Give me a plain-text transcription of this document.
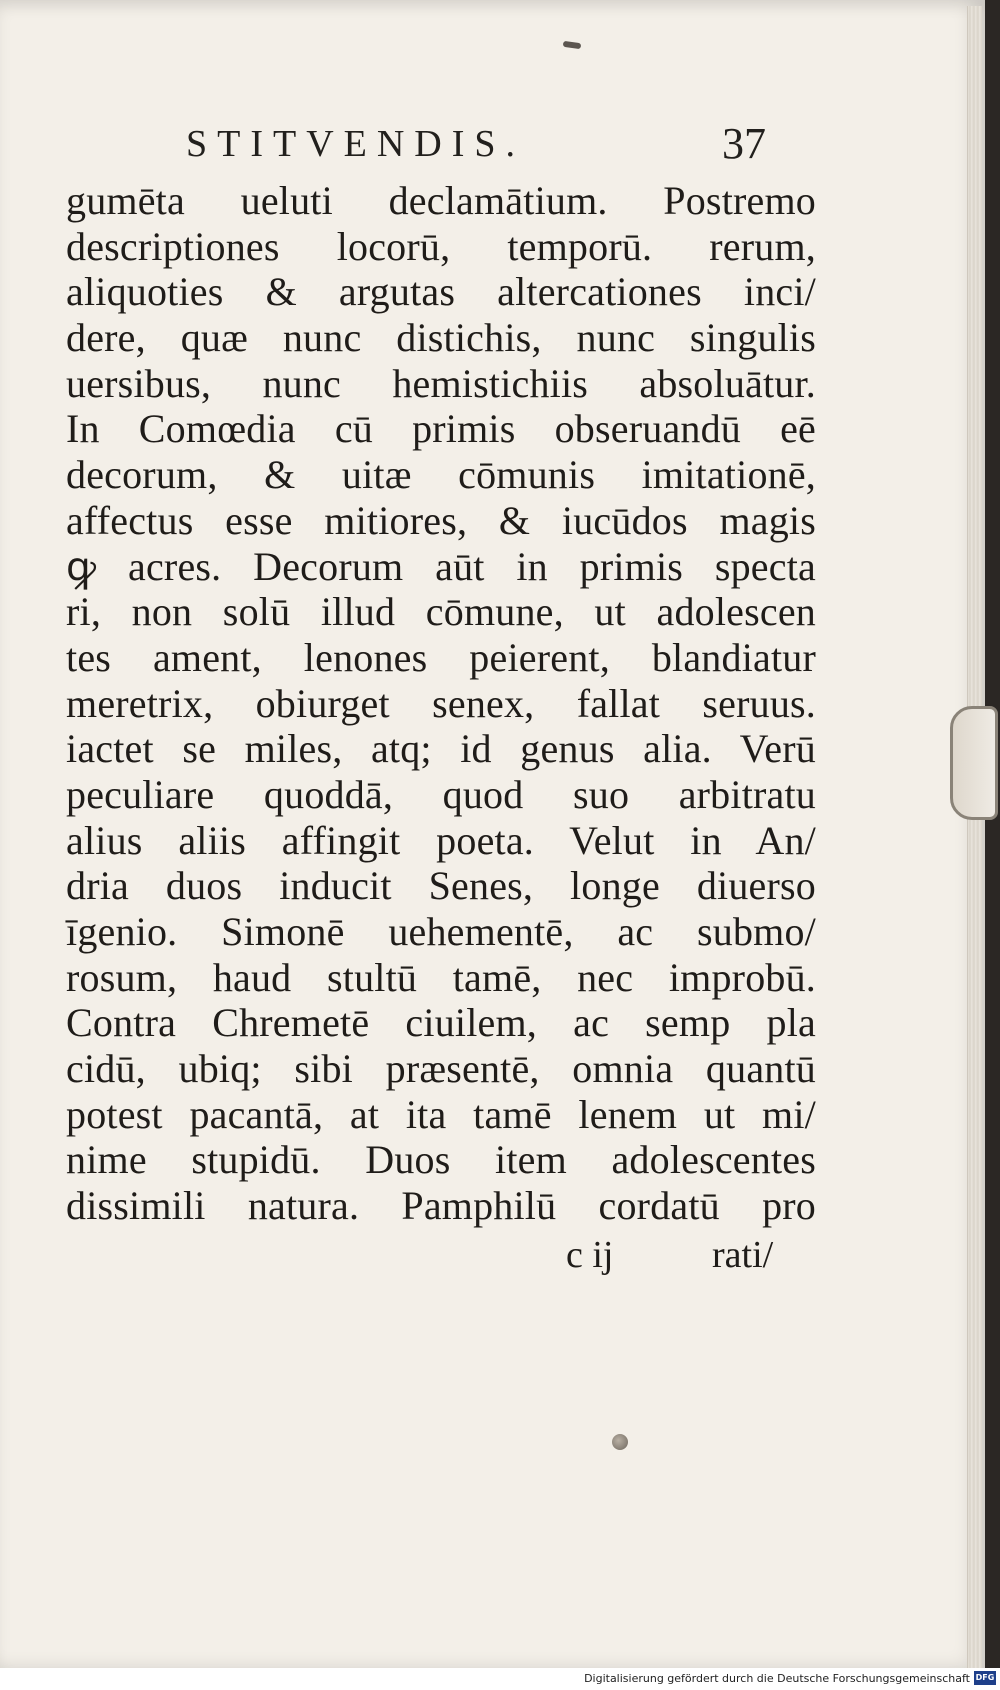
STITVENDIS.	37
gumēta ueluti declamātium. Postremo
descriptiones locorū, temporū. rerum,
aliquoties & argutas altercationes inci/
dere, quæ nunc distichis, nunc singulis
uersibus, nunc hemistichiis absoluātur.
In Comœdia cū primis obseruandū eē
decorum, & uitæ cōmunis imitationē,
affectus esse mitiores, & iucūdos magis
ꝙ acres. Decorum aūt in primis specta
ri, non solū illud cōmune, ut adolescen
tes ament, lenones peierent, blandiatur
meretrix, obiurget senex, fallat seruus.
iactet se miles, atq; id genus alia. Verū
peculiare quoddā, quod suo arbitratu
alius aliis affingit poeta. Velut in An/
dria duos inducit Senes, longe diuerso
īgenio. Simonē uehementē, ac submo/
rosum, haud stultū tamē, nec improbū.
Contra Chremetē ciuilem, ac semp pla
cidū, ubiq; sibi præsentē, omnia quantū
potest pacantā, at ita tamē lenem ut mi/
nime stupidū. Duos item adolescentes
dissimili natura. Pamphilū cordatū pro
c ij	rati/
Digitalisierung gefördert durch die Deutsche Forschungsgemeinschaft DFG
